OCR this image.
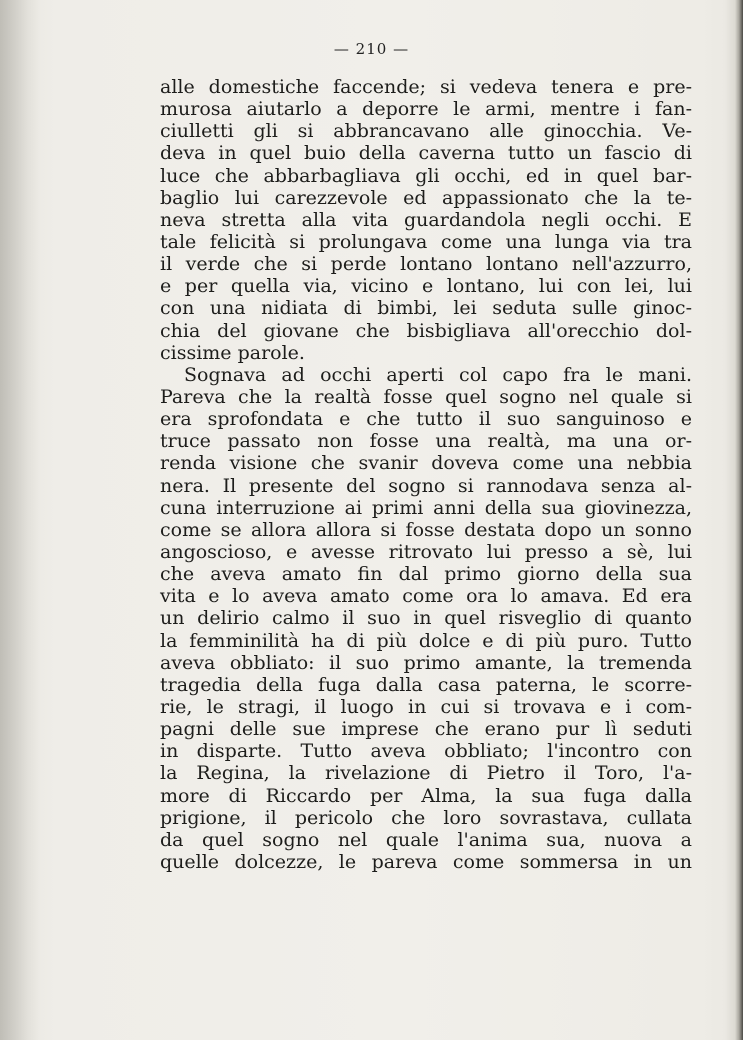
— 210 —
alle domestiche faccende; si vedeva tenera e pre-
murosa aiutarlo a deporre le armi, mentre i fan-
ciulletti gli si abbrancavano alle ginocchia. Ve-
deva in quel buio della caverna tutto un fascio di
luce che abbarbagliava gli occhi, ed in quel bar-
baglio lui carezzevole ed appassionato che la te-
neva stretta alla vita guardandola negli occhi. E
tale felicità si prolungava come una lunga via tra
il verde che si perde lontano lontano nell'azzurro,
e per quella via, vicino e lontano, lui con lei, lui
con una nidiata di bimbi, lei seduta sulle ginoc-
chia del giovane che bisbigliava all'orecchio dol-
cissime parole.
Sognava ad occhi aperti col capo fra le mani.
Pareva che la realtà fosse quel sogno nel quale si
era sprofondata e che tutto il suo sanguinoso e
truce passato non fosse una realtà, ma una or-
renda visione che svanir doveva come una nebbia
nera. Il presente del sogno si rannodava senza al-
cuna interruzione ai primi anni della sua giovinezza,
come se allora allora si fosse destata dopo un sonno
angoscioso, e avesse ritrovato lui presso a sè, lui
che aveva amato fin dal primo giorno della sua
vita e lo aveva amato come ora lo amava. Ed era
un delirio calmo il suo in quel risveglio di quanto
la femminilità ha di più dolce e di più puro. Tutto
aveva obbliato: il suo primo amante, la tremenda
tragedia della fuga dalla casa paterna, le scorre-
rie, le stragi, il luogo in cui si trovava e i com-
pagni delle sue imprese che erano pur lì seduti
in disparte. Tutto aveva obbliato; l'incontro con
la Regina, la rivelazione di Pietro il Toro, l'a-
more di Riccardo per Alma, la sua fuga dalla
prigione, il pericolo che loro sovrastava, cullata
da quel sogno nel quale l'anima sua, nuova a
quelle dolcezze, le pareva come sommersa in un
